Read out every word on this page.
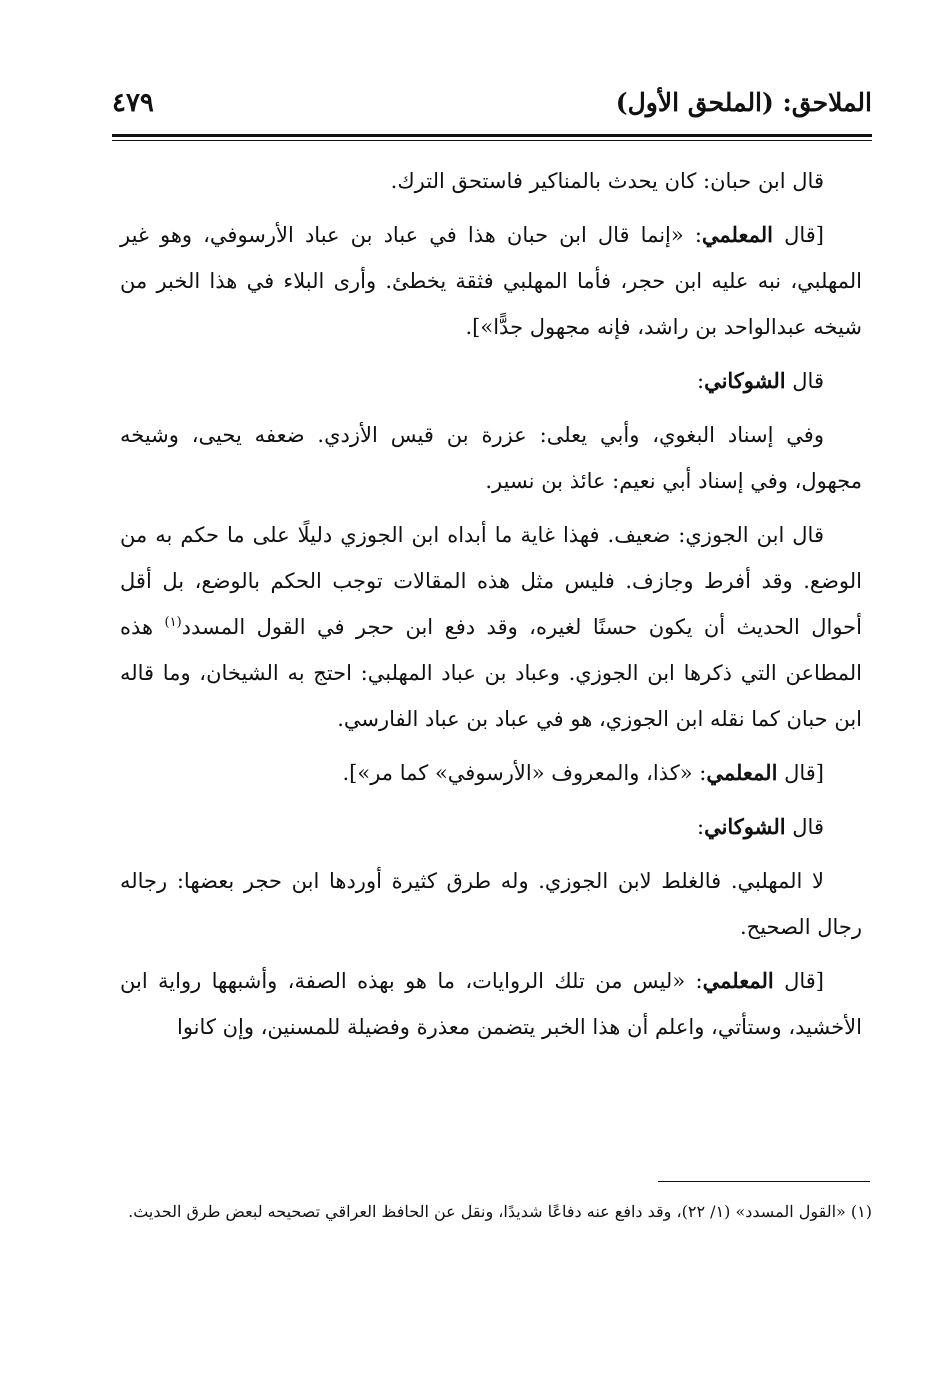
الملاحق: (الملحق الأول)
٤٧٩

قال ابن حبان: كان يحدث بالمناكير فاستحق الترك.

[قال المعلمي: «إنما قال ابن حبان هذا في عباد بن عباد الأرسوفي، وهو غير المهلبي، نبه عليه ابن حجر، فأما المهلبي فثقة يخطئ. وأرى البلاء في هذا الخبر من شيخه عبدالواحد بن راشد، فإنه مجهول جدًّا»].

قال الشوكاني:

وفي إسناد البغوي، وأبي يعلى: عزرة بن قيس الأزدي. ضعفه يحيى، وشيخه مجهول، وفي إسناد أبي نعيم: عائذ بن نسير.

قال ابن الجوزي: ضعيف. فهذا غاية ما أبداه ابن الجوزي دليلًا على ما حكم به من الوضع. وقد أفرط وجازف. فليس مثل هذه المقالات توجب الحكم بالوضع، بل أقل أحوال الحديث أن يكون حسنًا لغيره، وقد دفع ابن حجر في القول المسدد$^{(١)}$ هذه المطاعن التي ذكرها ابن الجوزي. وعباد بن عباد المهلبي: احتج به الشيخان، وما قاله ابن حبان كما نقله ابن الجوزي، هو في عباد بن عباد الفارسي.

[قال المعلمي: «كذا، والمعروف «الأرسوفي» كما مر»].

قال الشوكاني:

لا المهلبي. فالغلط لابن الجوزي. وله طرق كثيرة أوردها ابن حجر بعضها: رجاله رجال الصحيح.

[قال المعلمي: «ليس من تلك الروايات، ما هو بهذه الصفة، وأشبهها رواية ابن الأخشيد، وستأتي، واعلم أن هذا الخبر يتضمن معذرة وفضيلة للمسنين، وإن كانوا

(١) «القول المسدد» (١/ ٢٢)، وقد دافع عنه دفاعًا شديدًا، ونقل عن الحافظ العراقي تصحيحه لبعض طرق الحديث.
